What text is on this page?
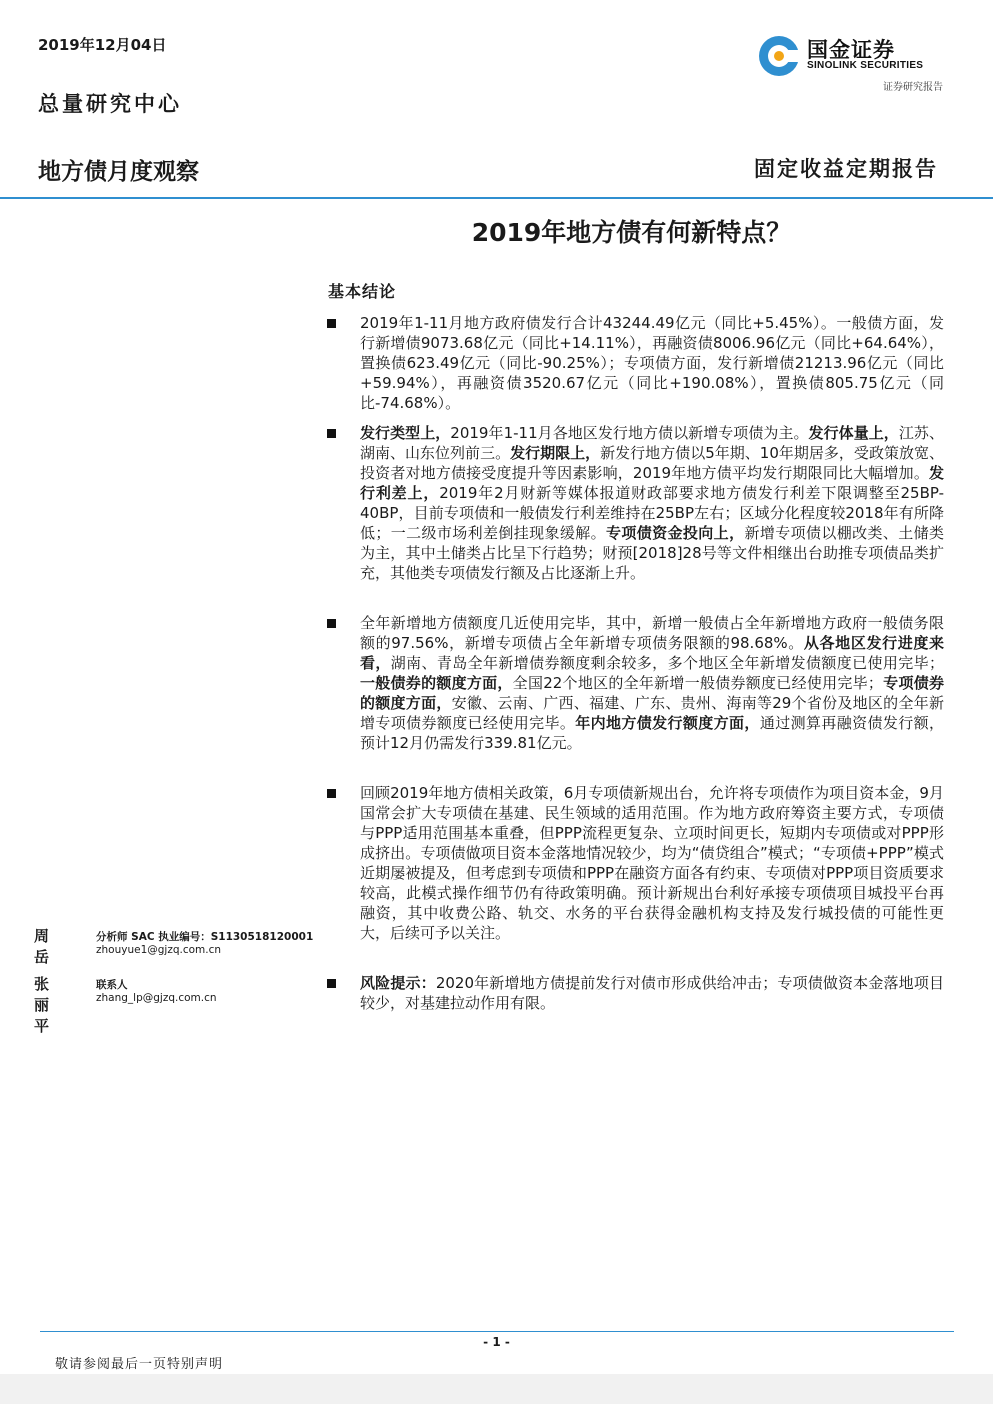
2019年12月04日	国金证券
SINOLINK SECURITIES
证券研究报告
总量研究中心
地方债月度观察	固定收益定期报告
2019年地方债有何新特点？
基本结论
2019年1-11月地方政府债发行合计43244.49亿元（同比+5.45%）。一般债方面，发行新增债9073.68亿元（同比+14.11%），再融资债8006.96亿元（同比+64.64%），置换债623.49亿元（同比-90.25%）；专项债方面，发行新增债21213.96亿元（同比+59.94%），再融资债3520.67亿元（同比+190.08%），置换债805.75亿元（同比-74.68%）。
发行类型上，2019年1-11月各地区发行地方债以新增专项债为主。发行体量上，江苏、湖南、山东位列前三。发行期限上，新发行地方债以5年期、10年期居多，受政策放宽、投资者对地方债接受度提升等因素影响，2019年地方债平均发行期限同比大幅增加。发行利差上，2019年2月财新等媒体报道财政部要求地方债发行利差下限调整至25BP-40BP，目前专项债和一般债发行利差维持在25BP左右；区域分化程度较2018年有所降低；一二级市场利差倒挂现象缓解。专项债资金投向上，新增专项债以棚改类、土储类为主，其中土储类占比呈下行趋势；财预[2018]28号等文件相继出台助推专项债品类扩充，其他类专项债发行额及占比逐渐上升。
全年新增地方债额度几近使用完毕，其中，新增一般债占全年新增地方政府一般债务限额的97.56%，新增专项债占全年新增专项债务限额的98.68%。从各地区发行进度来看，湖南、青岛全年新增债券额度剩余较多，多个地区全年新增发债额度已使用完毕；一般债券的额度方面，全国22个地区的全年新增一般债券额度已经使用完毕；专项债券的额度方面，安徽、云南、广西、福建、广东、贵州、海南等29个省份及地区的全年新增专项债券额度已经使用完毕。年内地方债发行额度方面，通过测算再融资债发行额，预计12月仍需发行339.81亿元。
回顾2019年地方债相关政策，6月专项债新规出台，允许将专项债作为项目资本金，9月国常会扩大专项债在基建、民生领域的适用范围。作为地方政府筹资主要方式，专项债与PPP适用范围基本重叠，但PPP流程更复杂、立项时间更长，短期内专项债或对PPP形成挤出。专项债做项目资本金落地情况较少，均为“债贷组合”模式；“专项债+PPP”模式近期屡被提及，但考虑到专项债和PPP在融资方面各有约束、专项债对PPP项目资质要求较高，此模式操作细节仍有待政策明确。预计新规出台利好承接专项债项目城投平台再融资，其中收费公路、轨交、水务的平台获得金融机构支持及发行城投债的可能性更大，后续可予以关注。
风险提示：2020年新增地方债提前发行对债市形成供给冲击；专项债做资本金落地项目较少，对基建拉动作用有限。
周岳
分析师 SAC 执业编号：S1130518120001
zhouyue1@gjzq.com.cn
张丽平
联系人
zhang_lp@gjzq.com.cn
- 1 -
敬请参阅最后一页特别声明
